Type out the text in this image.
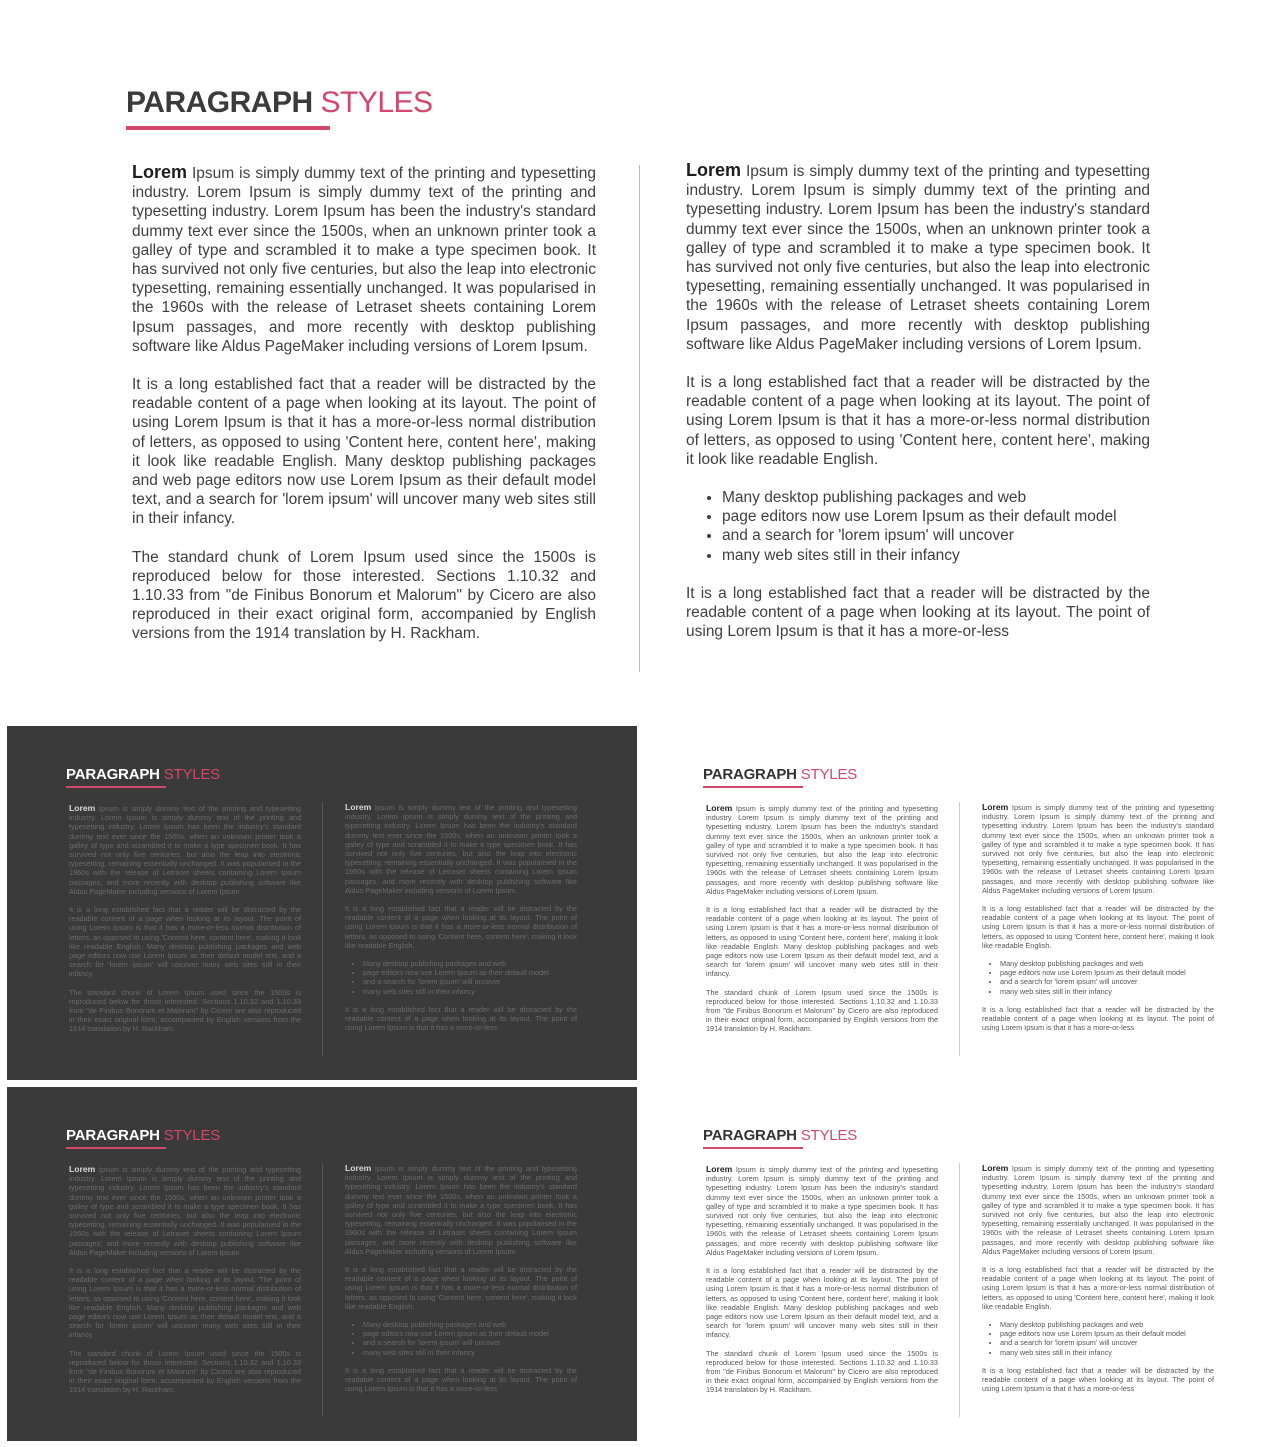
PARAGRAPH STYLES

Lorem Ipsum is simply dummy text of the printing and typesetting industry. Lorem Ipsum is simply dummy text of the printing and typesetting industry. Lorem Ipsum has been the industry's standard dummy text ever since the 1500s, when an unknown printer took a galley of type and scrambled it to make a type specimen book. It has survived not only five centuries, but also the leap into electronic typesetting, remaining essentially unchanged. It was popularised in the 1960s with the release of Letraset sheets containing Lorem Ipsum passages, and more recently with desktop publishing software like Aldus PageMaker including versions of Lorem Ipsum.

It is a long established fact that a reader will be distracted by the readable content of a page when looking at its layout. The point of using Lorem Ipsum is that it has a more-or-less normal distribution of letters, as opposed to using 'Content here, content here', making it look like readable English. Many desktop publishing packages and web page editors now use Lorem Ipsum as their default model text, and a search for 'lorem ipsum' will uncover many web sites still in their infancy.

The standard chunk of Lorem Ipsum used since the 1500s is reproduced below for those interested. Sections 1.10.32 and 1.10.33 from "de Finibus Bonorum et Malorum" by Cicero are also reproduced in their exact original form, accompanied by English versions from the 1914 translation by H. Rackham.

Lorem Ipsum is simply dummy text of the printing and typesetting industry. Lorem Ipsum is simply dummy text of the printing and typesetting industry. Lorem Ipsum has been the industry's standard dummy text ever since the 1500s, when an unknown printer took a galley of type and scrambled it to make a type specimen book. It has survived not only five centuries, but also the leap into electronic typesetting, remaining essentially unchanged. It was popularised in the 1960s with the release of Letraset sheets containing Lorem Ipsum passages, and more recently with desktop publishing software like Aldus PageMaker including versions of Lorem Ipsum.

It is a long established fact that a reader will be distracted by the readable content of a page when looking at its layout. The point of using Lorem Ipsum is that it has a more-or-less normal distribution of letters, as opposed to using 'Content here, content here', making it look like readable English.

• Many desktop publishing packages and web
• page editors now use Lorem Ipsum as their default model
• and a search for 'lorem ipsum' will uncover
• many web sites still in their infancy

It is a long established fact that a reader will be distracted by the readable content of a page when looking at its layout. The point of using Lorem Ipsum is that it has a more-or-less

PARAGRAPH STYLES

Lorem Ipsum is simply dummy text of the printing and typesetting industry. Lorem Ipsum is simply dummy text of the printing and typesetting industry. Lorem Ipsum has been the industry's standard dummy text ever since the 1500s, when an unknown printer took a galley of type and scrambled it to make a type specimen book. It has survived not only five centuries, but also the leap into electronic typesetting, remaining essentially unchanged. It was popularised in the 1960s with the release of Letraset sheets containing Lorem Ipsum passages, and more recently with desktop publishing software like Aldus PageMaker including versions of Lorem Ipsum.

It is a long established fact that a reader will be distracted by the readable content of a page when looking at its layout. The point of using Lorem Ipsum is that it has a more-or-less normal distribution of letters, as opposed to using 'Content here, content here', making it look like readable English. Many desktop publishing packages and web page editors now use Lorem Ipsum as their default model text, and a search for 'lorem ipsum' will uncover many web sites still in their infancy.

The standard chunk of Lorem Ipsum used since the 1500s is reproduced below for those interested. Sections 1.10.32 and 1.10.33 from "de Finibus Bonorum et Malorum" by Cicero are also reproduced in their exact original form, accompanied by English versions from the 1914 translation by H. Rackham.

Lorem Ipsum is simply dummy text of the printing and typesetting industry. Lorem Ipsum is simply dummy text of the printing and typesetting industry. Lorem Ipsum has been the industry's standard dummy text ever since the 1500s, when an unknown printer took a galley of type and scrambled it to make a type specimen book. It has survived not only five centuries, but also the leap into electronic typesetting, remaining essentially unchanged. It was popularised in the 1960s with the release of Letraset sheets containing Lorem Ipsum passages, and more recently with desktop publishing software like Aldus PageMaker including versions of Lorem Ipsum.

It is a long established fact that a reader will be distracted by the readable content of a page when looking at its layout. The point of using Lorem Ipsum is that it has a more-or-less normal distribution of letters, as opposed to using 'Content here, content here', making it look like readable English.

• Many desktop publishing packages and web
• page editors now use Lorem Ipsum as their default model
• and a search for 'lorem ipsum' will uncover
• many web sites still in their infancy

It is a long established fact that a reader will be distracted by the readable content of a page when looking at its layout. The point of using Lorem Ipsum is that it has a more-or-less

PARAGRAPH STYLES

Lorem Ipsum is simply dummy text of the printing and typesetting industry. Lorem Ipsum is simply dummy text of the printing and typesetting industry. Lorem Ipsum has been the industry's standard dummy text ever since the 1500s, when an unknown printer took a galley of type and scrambled it to make a type specimen book. It has survived not only five centuries, but also the leap into electronic typesetting, remaining essentially unchanged. It was popularised in the 1960s with the release of Letraset sheets containing Lorem Ipsum passages, and more recently with desktop publishing software like Aldus PageMaker including versions of Lorem Ipsum.

It is a long established fact that a reader will be distracted by the readable content of a page when looking at its layout. The point of using Lorem Ipsum is that it has a more-or-less normal distribution of letters, as opposed to using 'Content here, content here', making it look like readable English. Many desktop publishing packages and web page editors now use Lorem Ipsum as their default model text, and a search for 'lorem ipsum' will uncover many web sites still in their infancy.

The standard chunk of Lorem Ipsum used since the 1500s is reproduced below for those interested. Sections 1.10.32 and 1.10.33 from "de Finibus Bonorum et Malorum" by Cicero are also reproduced in their exact original form, accompanied by English versions from the 1914 translation by H. Rackham.

Lorem Ipsum is simply dummy text of the printing and typesetting industry. Lorem Ipsum is simply dummy text of the printing and typesetting industry. Lorem Ipsum has been the industry's standard dummy text ever since the 1500s, when an unknown printer took a galley of type and scrambled it to make a type specimen book. It has survived not only five centuries, but also the leap into electronic typesetting, remaining essentially unchanged. It was popularised in the 1960s with the release of Letraset sheets containing Lorem Ipsum passages, and more recently with desktop publishing software like Aldus PageMaker including versions of Lorem Ipsum.

It is a long established fact that a reader will be distracted by the readable content of a page when looking at its layout. The point of using Lorem Ipsum is that it has a more-or-less normal distribution of letters, as opposed to using 'Content here, content here', making it look like readable English.

• Many desktop publishing packages and web
• page editors now use Lorem Ipsum as their default model
• and a search for 'lorem ipsum' will uncover
• many web sites still in their infancy

It is a long established fact that a reader will be distracted by the readable content of a page when looking at its layout. The point of using Lorem Ipsum is that it has a more-or-less

PARAGRAPH STYLES

Lorem Ipsum is simply dummy text of the printing and typesetting industry. Lorem Ipsum is simply dummy text of the printing and typesetting industry. Lorem Ipsum has been the industry's standard dummy text ever since the 1500s, when an unknown printer took a galley of type and scrambled it to make a type specimen book. It has survived not only five centuries, but also the leap into electronic typesetting, remaining essentially unchanged. It was popularised in the 1960s with the release of Letraset sheets containing Lorem Ipsum passages, and more recently with desktop publishing software like Aldus PageMaker including versions of Lorem Ipsum.

It is a long established fact that a reader will be distracted by the readable content of a page when looking at its layout. The point of using Lorem Ipsum is that it has a more-or-less normal distribution of letters, as opposed to using 'Content here, content here', making it look like readable English. Many desktop publishing packages and web page editors now use Lorem Ipsum as their default model text, and a search for 'lorem ipsum' will uncover many web sites still in their infancy.

The standard chunk of Lorem Ipsum used since the 1500s is reproduced below for those interested. Sections 1.10.32 and 1.10.33 from "de Finibus Bonorum et Malorum" by Cicero are also reproduced in their exact original form, accompanied by English versions from the 1914 translation by H. Rackham.

Lorem Ipsum is simply dummy text of the printing and typesetting industry. Lorem Ipsum is simply dummy text of the printing and typesetting industry. Lorem Ipsum has been the industry's standard dummy text ever since the 1500s, when an unknown printer took a galley of type and scrambled it to make a type specimen book. It has survived not only five centuries, but also the leap into electronic typesetting, remaining essentially unchanged. It was popularised in the 1960s with the release of Letraset sheets containing Lorem Ipsum passages, and more recently with desktop publishing software like Aldus PageMaker including versions of Lorem Ipsum.

It is a long established fact that a reader will be distracted by the readable content of a page when looking at its layout. The point of using Lorem Ipsum is that it has a more-or-less normal distribution of letters, as opposed to using 'Content here, content here', making it look like readable English.

• Many desktop publishing packages and web
• page editors now use Lorem Ipsum as their default model
• and a search for 'lorem ipsum' will uncover
• many web sites still in their infancy

It is a long established fact that a reader will be distracted by the readable content of a page when looking at its layout. The point of using Lorem Ipsum is that it has a more-or-less

PARAGRAPH STYLES

Lorem Ipsum is simply dummy text of the printing and typesetting industry. Lorem Ipsum is simply dummy text of the printing and typesetting industry. Lorem Ipsum has been the industry's standard dummy text ever since the 1500s, when an unknown printer took a galley of type and scrambled it to make a type specimen book. It has survived not only five centuries, but also the leap into electronic typesetting, remaining essentially unchanged. It was popularised in the 1960s with the release of Letraset sheets containing Lorem Ipsum passages, and more recently with desktop publishing software like Aldus PageMaker including versions of Lorem Ipsum.

It is a long established fact that a reader will be distracted by the readable content of a page when looking at its layout. The point of using Lorem Ipsum is that it has a more-or-less normal distribution of letters, as opposed to using 'Content here, content here', making it look like readable English. Many desktop publishing packages and web page editors now use Lorem Ipsum as their default model text, and a search for 'lorem ipsum' will uncover many web sites still in their infancy.

The standard chunk of Lorem Ipsum used since the 1500s is reproduced below for those interested. Sections 1.10.32 and 1.10.33 from "de Finibus Bonorum et Malorum" by Cicero are also reproduced in their exact original form, accompanied by English versions from the 1914 translation by H. Rackham.

Lorem Ipsum is simply dummy text of the printing and typesetting industry. Lorem Ipsum is simply dummy text of the printing and typesetting industry. Lorem Ipsum has been the industry's standard dummy text ever since the 1500s, when an unknown printer took a galley of type and scrambled it to make a type specimen book. It has survived not only five centuries, but also the leap into electronic typesetting, remaining essentially unchanged. It was popularised in the 1960s with the release of Letraset sheets containing Lorem Ipsum passages, and more recently with desktop publishing software like Aldus PageMaker including versions of Lorem Ipsum.

It is a long established fact that a reader will be distracted by the readable content of a page when looking at its layout. The point of using Lorem Ipsum is that it has a more-or-less normal distribution of letters, as opposed to using 'Content here, content here', making it look like readable English.

• Many desktop publishing packages and web
• page editors now use Lorem Ipsum as their default model
• and a search for 'lorem ipsum' will uncover
• many web sites still in their infancy

It is a long established fact that a reader will be distracted by the readable content of a page when looking at its layout. The point of using Lorem Ipsum is that it has a more-or-less
